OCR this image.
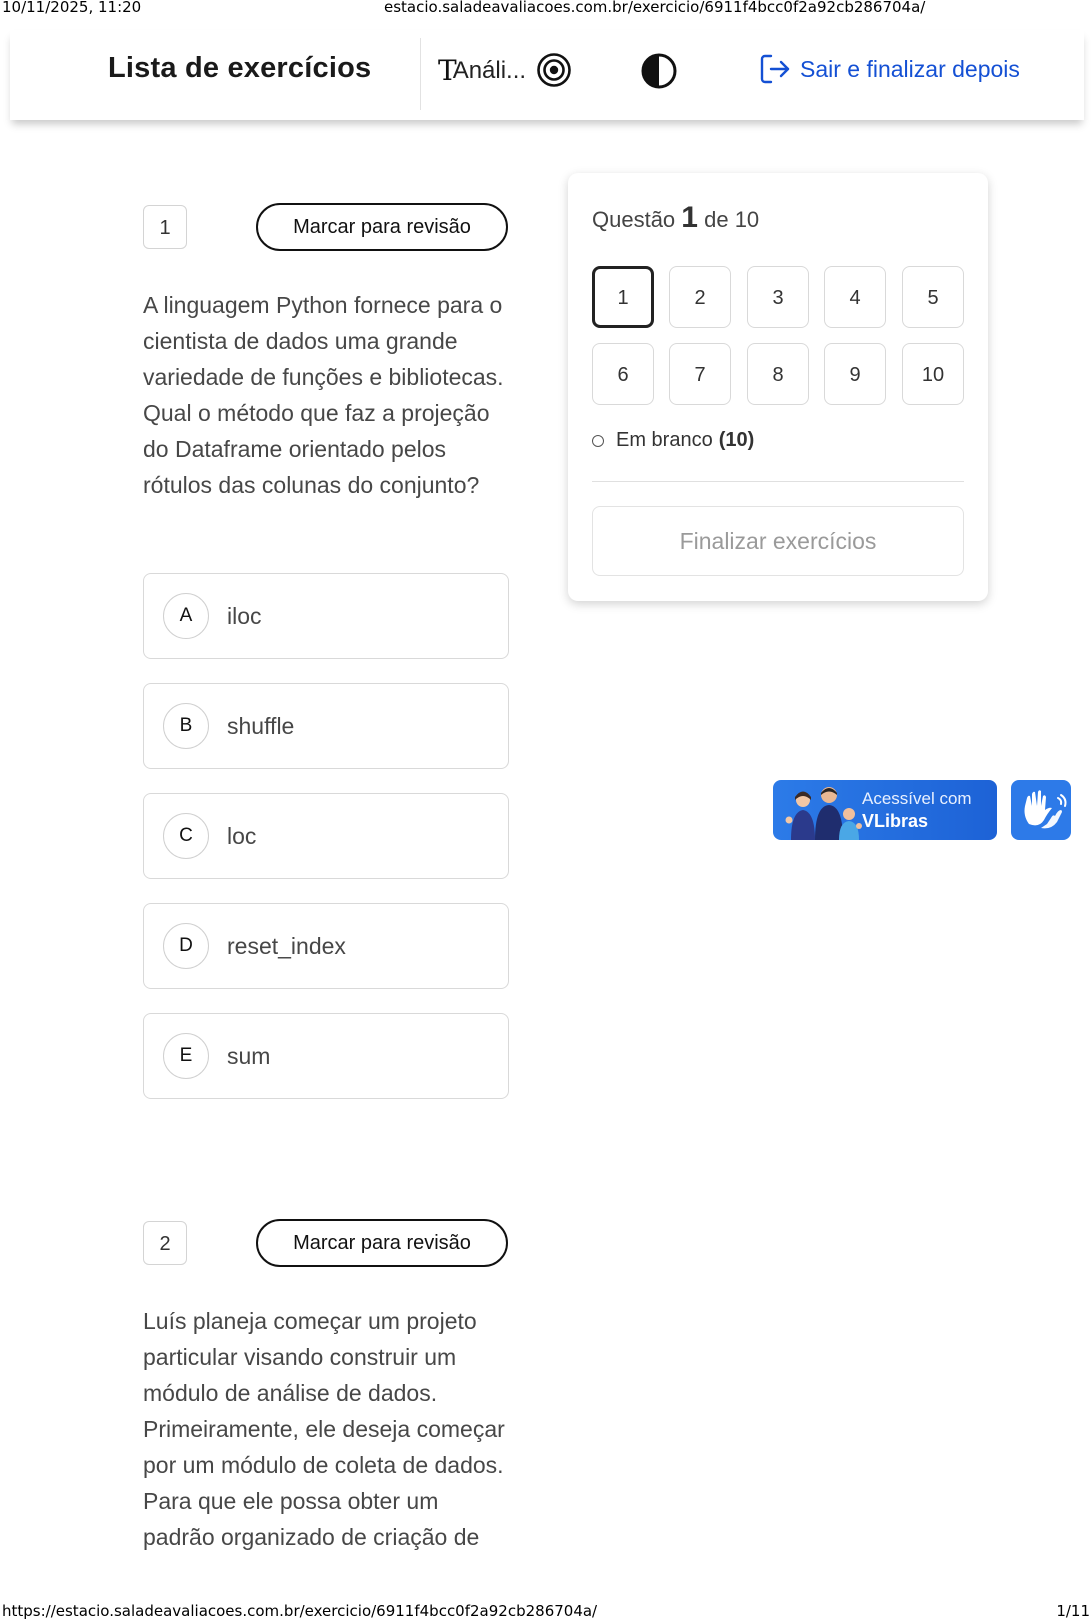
10/11/2025, 11:20	estacio.saladeavaliacoes.com.br/exercicio/6911f4bcc0f2a92cb286704a/
https://estacio.saladeavaliacoes.com.br/exercicio/6911f4bcc0f2a92cb286704a/	1/11
Lista de exercícios T
Análi...	Sair e finalizar depois
1	Marcar para revisão
A linguagem Python fornece para o cientista de dados uma grande variedade de funções e bibliotecas. Qual o método que faz a projeção do Dataframe orientado pelos rótulos das colunas do conjunto?
A	iloc
B	shuffle
C	loc
D	reset_index
E	sum
2	Marcar para revisão
Luís planeja começar um projeto particular visando construir um módulo de análise de dados. Primeiramente, ele deseja começar por um módulo de coleta de dados. Para que ele possa obter um padrão organizado de criação de
Questão 1 de 10
1	2	3	4	5
6	7	8	9	10
Em branco (10)
Finalizar exercícios
Acessível com
VLibras
